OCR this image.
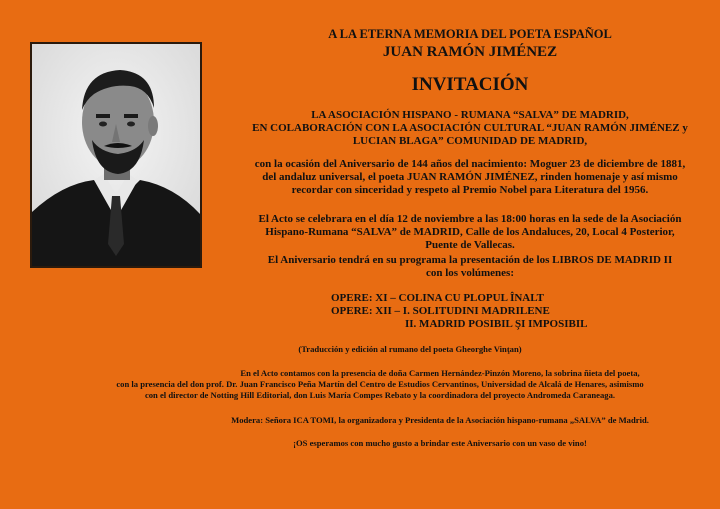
A LA ETERNA MEMORIA DEL POETA ESPAÑOL
JUAN RAMÓN JIMÉNEZ
INVITACIÓN
LA ASOCIACIÓN HISPANO - RUMANA “SALVA” DE MADRID,
EN COLABORACIÓN CON LA ASOCIACIÓN CULTURAL “JUAN RAMÓN JIMÉNEZ y
LUCIAN BLAGA” COMUNIDAD DE MADRID,
con la ocasión del Aniversario de 144 años del nacimiento: Moguer 23 de diciembre de 1881,
del andaluz universal, el poeta JUAN RAMÓN JIMÉNEZ, rinden homenaje y así mismo
recordar con sinceridad y respeto al Premio Nobel para Literatura del 1956.
El Acto se celebrara en el día 12 de noviembre a las 18:00 horas en la sede de la Asociación
Hispano-Rumana “SALVA” de MADRID, Calle de los Andaluces, 20, Local 4 Posterior,
Puente de Vallecas.
El Aniversario tendrá en su programa la presentación de los LIBROS DE MADRID II
con los volúmenes:
OPERE: XI – COLINA CU PLOPUL ÎNALT
OPERE: XII – I. SOLITUDINI MADRILENE
II. MADRID POSIBIL ŞI IMPOSIBIL
(Traducción y edición al rumano del poeta Gheorghe Vinţan)
En el Acto contamos con la presencia de doña Carmen Hernández-Pinzón Moreno, la sobrina ñieta del poeta,
con la presencia del don prof. Dr. Juan Francisco Peña Martín del Centro de Estudios Cervantinos, Universidad de Alcalá de Henares, asimismo
con el director de Notting Hill Editorial, don Luis María Compes Rebato y la coordinadora del proyecto Andromeda Caraneaga.
Modera: Señora ICA TOMI, la organizadora y Presidenta de la Asociación hispano-rumana „SALVA” de Madrid.
¡OS esperamos con mucho gusto a brindar este Aniversario con un vaso de vino!
